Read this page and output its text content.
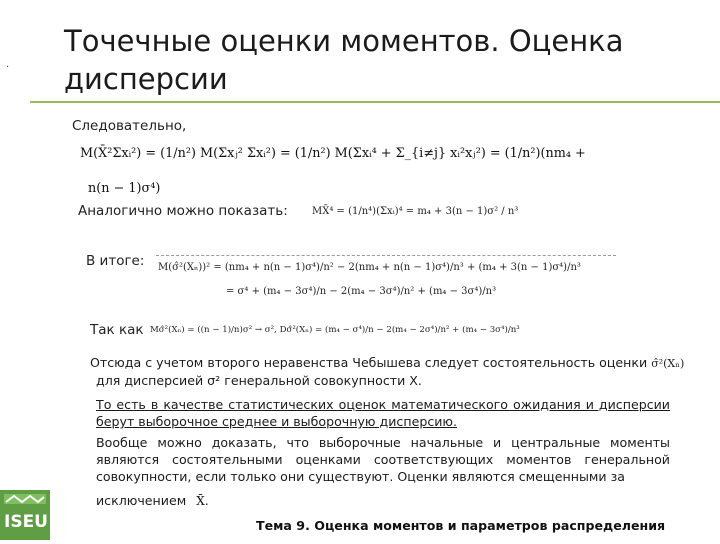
·
Точечные оценки моментов. Оценка дисперсии
Следовательно,
M(X̄²Σxᵢ²) = (1/n²) M(Σxⱼ² Σxᵢ²) = (1/n²) M(Σxᵢ⁴ + Σ_{i≠j} xᵢ²xⱼ²) = (1/n²)(nm₄ +
n(n − 1)σ⁴)
Аналогично можно показать: MX̄⁴ = (1/n⁴)(Σxᵢ)⁴ = m₄ + 3(n − 1)σ² / n³
В итоге: M(σ̂²(Xₙ))² = (nm₄ + n(n − 1)σ⁴)/n² − 2(nm₄ + n(n − 1)σ⁴)/n³ + (m₄ + 3(n − 1)σ⁴)/n³
= σ⁴ + (m₄ − 3σ⁴)/n − 2(m₄ − 3σ⁴)/n² + (m₄ − 3σ⁴)/n³
Так как Mσ̂²(Xₙ) = ((n − 1)/n)σ² → σ², Dσ̂²(Xₙ) = (m₄ − σ⁴)/n − 2(m₄ − 2σ⁴)/n² + (m₄ − 3σ⁴)/n³

Отсюда с учетом второго неравенства Чебышева следует состоятельность оценки σ̂²(Xₙ)

для дисперсией σ² генеральной совокупности X.

То есть в качестве статистических оценок математического ожидания и дисперсии берут выборочное среднее и выборочную дисперсию.
Вообще можно доказать, что выборочные начальные и центральные моменты являются состоятельными оценками соответствующих моментов генеральной совокупности, если только они существуют. Оценки являются смещенными за
исключением X̄.
ISEU	Тема 9. Оценка моментов и параметров распределения
